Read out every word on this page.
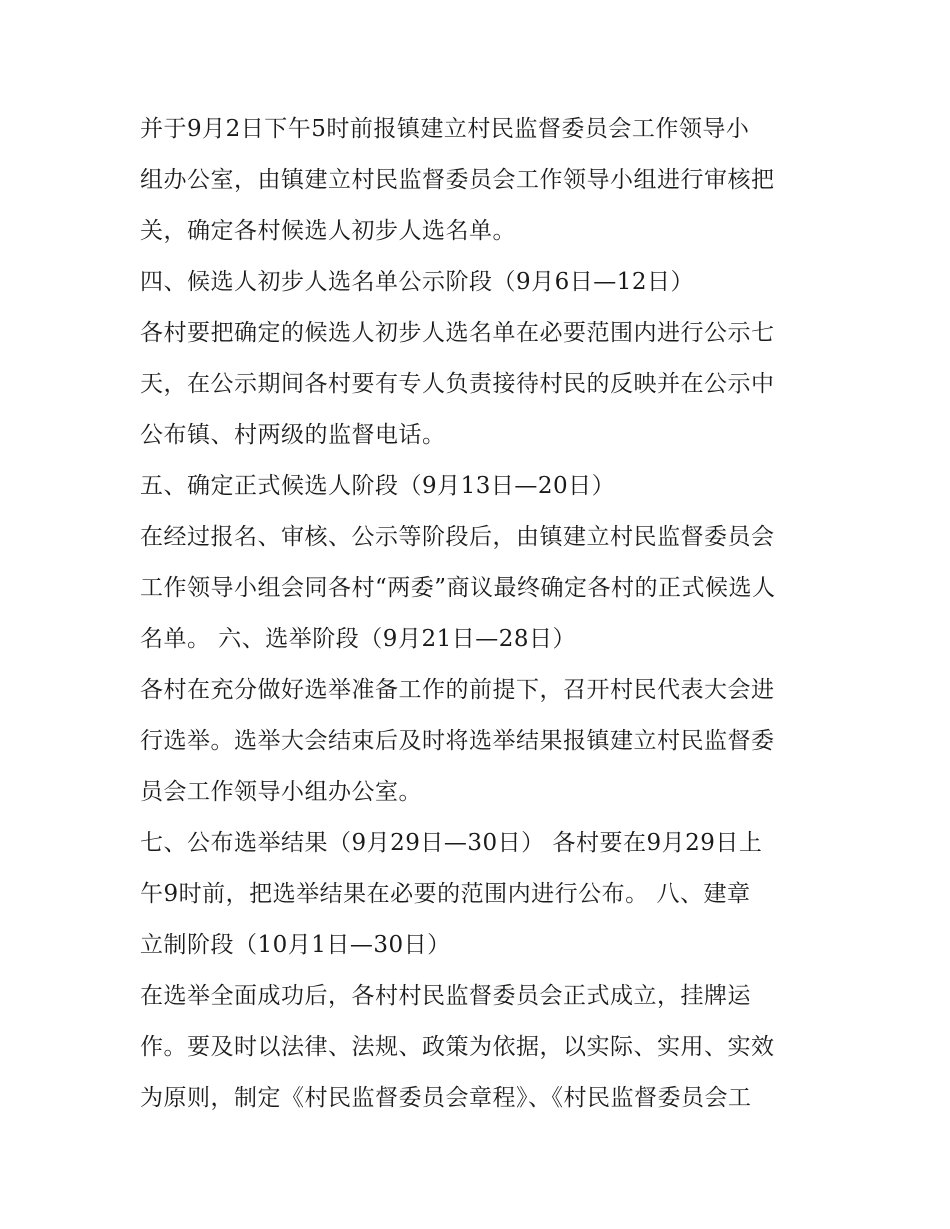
并于9月2日下午5时前报镇建立村民监督委员会工作领导小
组办公室，由镇建立村民监督委员会工作领导小组进行审核把
关，确定各村候选人初步人选名单。
四、候选人初步人选名单公示阶段（9月6日—12日）
各村要把确定的候选人初步人选名单在必要范围内进行公示七
天，在公示期间各村要有专人负责接待村民的反映并在公示中
公布镇、村两级的监督电话。
五、确定正式候选人阶段（9月13日—20日）
在经过报名、审核、公示等阶段后，由镇建立村民监督委员会
工作领导小组会同各村“两委”商议最终确定各村的正式候选人
名单。 六、选举阶段（9月21日—28日）
各村在充分做好选举准备工作的前提下，召开村民代表大会进
行选举。选举大会结束后及时将选举结果报镇建立村民监督委
员会工作领导小组办公室。
七、公布选举结果（9月29日—30日） 各村要在9月29日上
午9时前，把选举结果在必要的范围内进行公布。 八、建章
立制阶段（10月1日—30日）
在选举全面成功后，各村村民监督委员会正式成立，挂牌运
作。要及时以法律、法规、政策为依据，以实际、实用、实效
为原则，制定《村民监督委员会章程》、《村民监督委员会工
